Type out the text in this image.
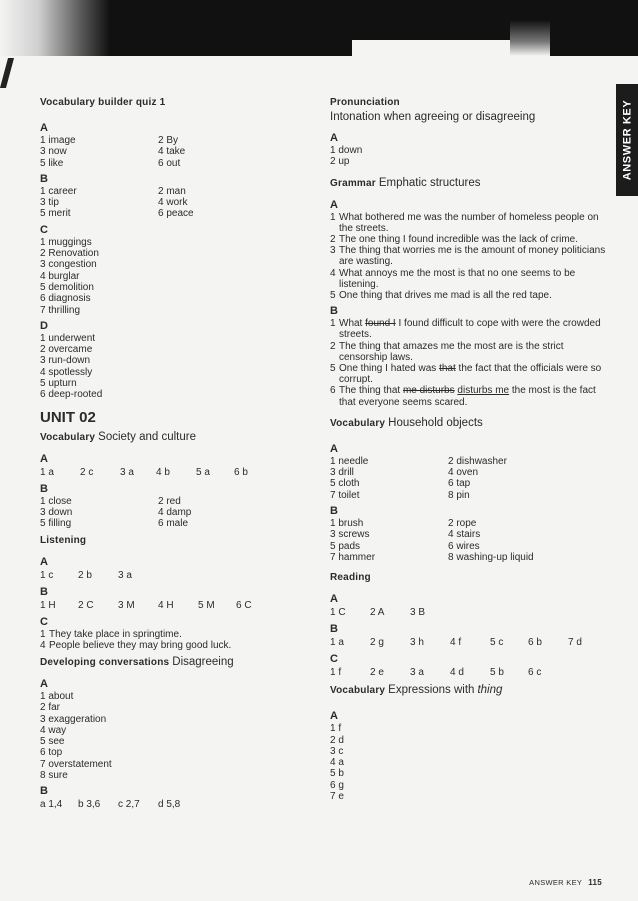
ANSWER KEY
Vocabulary builder quiz 1
A
1 image	2 By
3 now	4 take
5 like	6 out
B
1 career	2 man
3 tip	4 work
5 merit	6 peace
C
1 muggings
2 Renovation
3 congestion
4 burglar
5 demolition
6 diagnosis
7 thrilling
D
1 underwent
2 overcame
3 run-down
4 spotlessly
5 upturn
6 deep-rooted
UNIT 02
Vocabulary Society and culture
A
1 a	2 c	3 a	4 b	5 a	6 b
B
1 close	2 red
3 down	4 damp
5 filling	6 male
Listening
A
1 c	2 b	3 a
B
1 H	2 C	3 M	4 H	5 M	6 C
C
1 They take place in springtime.
4 People believe they may bring good luck.
Developing conversations Disagreeing
A
1 about
2 far
3 exaggeration
4 way
5 see
6 top
7 overstatement
8 sure
B
a 1,4	b 3,6	c 2,7	d 5,8
Pronunciation
Intonation when agreeing or disagreeing
A
1 down
2 up
Grammar Emphatic structures
A
1 What bothered me was the number of homeless people on the streets.
2 The one thing I found incredible was the lack of crime.
3 The thing that worries me is the amount of money politicians are wasting.
4 What annoys me the most is that no one seems to be listening.
5 One thing that drives me mad is all the red tape.
B
1 What found I I found difficult to cope with were the crowded streets.
2 The thing that amazes me the most are is the strict censorship laws.
5 One thing I hated was that the fact that the officials were so corrupt.
6 The thing that me disturbs disturbs me the most is the fact that everyone seems scared.
Vocabulary Household objects
A
1 needle	2 dishwasher
3 drill	4 oven
5 cloth	6 tap
7 toilet	8 pin
B
1 brush	2 rope
3 screws	4 stairs
5 pads	6 wires
7 hammer	8 washing-up liquid
Reading
A
1 C	2 A	3 B
B
1 a	2 g	3 h	4 f	5 c	6 b	7 d
C
1 f	2 e	3 a	4 d	5 b	6 c
Vocabulary Expressions with thing
A
1 f
2 d
3 c
4 a
5 b
6 g
7 e
ANSWER KEY 115
